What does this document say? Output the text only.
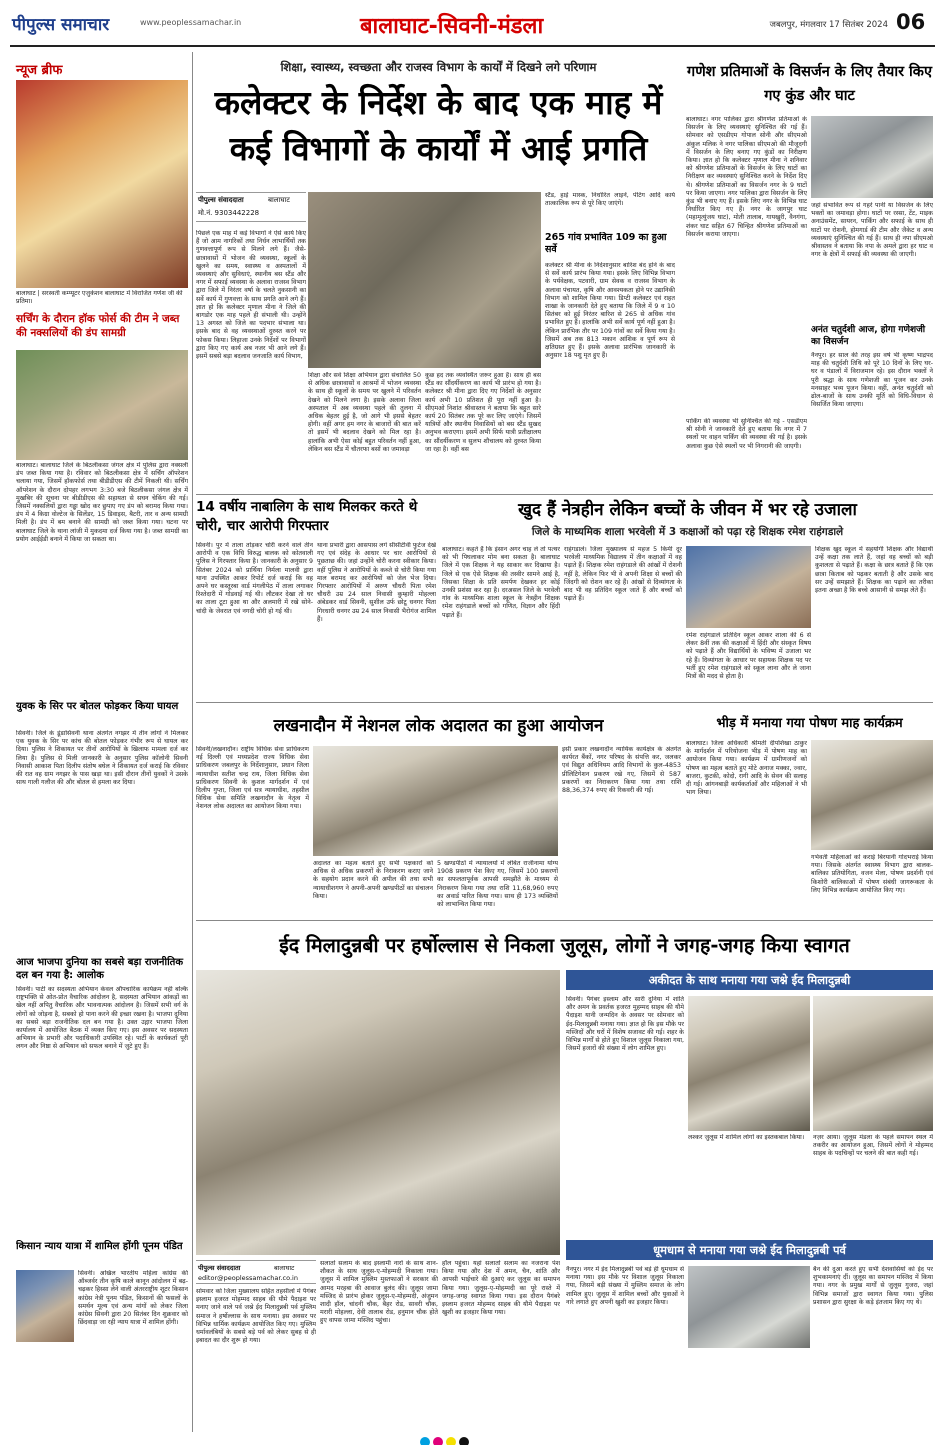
पीपुल्स समाचार	www.peoplessamachar.in	बालाघाट-सिवनी-मंडला	जबलपुर, मंगलवार 17 सितंबर 2024 06
न्यूज ब्रीफ
बालाघाट | सरस्वती कम्प्यूटर एजुकेशन बालाघाट में विराजित गणेश जी की प्रतिमा।
सर्चिंग के दौरान हॉक फोर्स की टीम ने जब्त की नक्सलियों की डंप सामग्री
बालाघाट। बालाघाट जिले के बिठलीकसा जंगल क्षेत्र में पुलिस द्वारा नक्सली डंप जब्त किया गया है। रविवार को बिठलीकसा क्षेत्र में सर्चिंग ऑपरेशन चलाया गया, जिसमें हॉकफोर्स तथा बीडीडीएस की टीमें निकली थी। सर्चिंग ऑपरेशन के दौरान दोपहर लगभग 3:30 बजे बिठलीकसा जंगल क्षेत्र में मुखबिर की सूचना पर बीडीडीएस की सहायता से सघन चेकिंग की गई। जिसमें नक्सलियों द्वारा गड्ढा खोद कर छुपाए गए डंप को बरामद किया गया। डंप में 4 किग्रा वोल्टेज के सिलेंडर, 15 डिवाइस, बैटरी, तार व अन्य सामग्री मिली है। डंप में बम बनाने की सामग्री को जब्त किया गया। घटना पर बालाघाट जिले के थाना लांजी में मुकदमा दर्ज किया गया है। जब्त सामग्री का प्रयोग आईईडी बनाने में किया जा सकता था।
युवक के सिर पर बोतल फोड़कर किया घायल
सिवनी। जिले के डूंडासिवनी थाना अंतर्गत नगझर में तीन लोगों ने मिलकर एक युवक के सिर पर कांच की बोतल फोड़कर गंभीर रूप से घायल कर दिया। पुलिस ने शिकायत पर तीनों आरोपियों के खिलाफ मामला दर्ज कर लिया है। पुलिस से मिली जानकारी के अनुसार पुलिस कॉलोनी सिवनी निवासी आकाश पिता दिलीप संतोष बघेल ने शिकायत दर्ज कराई कि रविवार की रात वह ग्राम नगझर के पास खड़ा था। इसी दौरान तीनों युवकों ने उसके साथ गाली गलौज की और बोतल से हमला कर दिया।
आज भाजपा दुनिया का सबसे बड़ा राजनीतिक दल बन गया है: आलोक
सिवनी। पार्टी का सदस्यता अभियान केवल औपचारिक कार्यक्रम नहीं बल्कि राष्ट्रभक्ति से ओत-प्रोत वैचारिक आंदोलन है, सदस्यता अभियान आंकड़ों का खेल नहीं अपितु वैचारिक और भावनात्मक आंदोलन है। जिसमें सभी वर्ग के लोगों को जोड़ना है, सबको हो पाना करने की इच्छा रखना है। भाजपा दुनिया का सबसे बड़ा राजनीतिक दल बन गया है। उक्त उद्गार भाजपा जिला कार्यालय में आयोजित बैठक में व्यक्त किए गए। इस अवसर पर सदस्यता अभियान के प्रभारी और पदाधिकारी उपस्थित रहे। पार्टी के कार्यकर्ता पूरी लगन और निष्ठा से अभियान को सफल बनाने में जुटे हुए हैं।
किसान न्याय यात्रा में शामिल होंगी पूनम पंडित
सिवनी। अखिल भारतीय महिला कांग्रेस की ऑब्जर्वर तीन कृषि काले कानून आंदोलन में बढ़-चढ़कर हिस्सा लेने वाली अंतरराष्ट्रीय शूटर किसान कांग्रेस नेत्री पूनम पंडित, किसानों की फसलों के समर्थन मूल्य एवं अन्य मांगों को लेकर जिला कांग्रेस सिवनी द्वारा 20 सितंबर दिन शुक्रवार को छिंदवाड़ा जा रही न्याय यात्रा में शामिल होंगी।
शिक्षा, स्वास्थ्य, स्वच्छता और राजस्व विभाग के कार्यों में दिखने लगे परिणाम
कलेक्टर के निर्देश के बाद एक माह में
कई विभागों के कार्यों में आई प्रगति
पीपुल्स संवाददाता	बालाघाट
मो.नं. 9303442228
पिछले एक माह में कई विभागों ने ऐसे कार्य किए हैं जो आम नागरिकों तथा निर्धन लाभार्थियों तक गुणवत्तापूर्ण रूप से मिलने लगे हैं। जैसे- छात्रावासों में भोजन की व्यवस्था, स्कूलों के खुलने का समय, स्वास्थ्य व अस्पतालों में व्यवस्थाएं और सुविधाएं, स्थानीय बस स्टैंड और नगर में सफाई व्यवस्था के अलावा राजस्व विभाग द्वारा जिले में निरंतर वर्षा के चलते नुकसानी का सर्वे कार्य में गुणवत्ता के साथ प्रगति आने लगे हैं। ज्ञात हो कि कलेक्टर मृणाल मीना ने जिले की बागडोर एक माह पहले ही संभाली थी। उन्होंने 13 अगस्त को जिले का पदभार संभाला था। इसके बाद से वह व्यवस्थाओं दुरुस्त करने पर फोकस किया। लिहाजा उनके निर्देशों पर विभागों द्वारा किए गए कार्य अब नजर भी आने लगे हैं। इसमें सबसे बड़ा बदलाव जनजाति कार्य विभाग,
शिक्षा और सर्व शिक्षा अभियान द्वारा संचालित 50 से अधिक छात्रावासों व आश्रमों में भोजन व्यवस्था के साथ ही स्कूलों के समय पर खुलने में परिवर्तन देखने को मिलने लगा है। इसके अलावा जिला अस्पताल में अब व्यवस्था पहले की तुलना में अधिक बेहतर हुई है, जो आगे भी इससे बेहतर होगी। वहीं अगर हम नगर के बाजारों की बात करें तो इसमें भी बदलाव देखने को मिल रहा है। हालांकि अभी ऐसा कोई बहुत परिवर्तन नहीं हुआ, लेकिन बस स्टैंड में चौतरफा बसों का जमावड़ा
कुछ हद तक व्यवस्थित जरूर हुआ है। साथ ही बस स्टैंड का सौंदर्यीकरण का कार्य भी प्रारंभ हो गया है। कलेक्टर श्री मीना द्वारा दिए गए निर्देशों के अनुसार कार्य अभी 10 प्रतिशत ही पूरा नहीं हुआ है। सीएमओ निशांत श्रीवास्तव ने बताया कि बहुत सारे कार्य 20 सितंबर तक पूरे कर लिए जाएंगे। जिसमें यात्रियों और स्थानीय निवासियों को बस स्टैंड सुखद अनुभव कराएगा। इसमें अभी सिर्फ यात्री प्रतीक्षालय का सौंदर्यीकरण व सुलभ शौचालय को दुरुस्त किया जा रहा है। वहीं बस
स्टैंड, हाई मास्क, निर्धारित लाइनें, पेंटिंग आदि कार्य तात्कालिक रूप से पूरे किए जाएंगे।
265 गांव प्रभावित 109 का हुआ सर्वे
कलेक्टर श्री मीना के निर्देशानुसार बारिश बंद होने के बाद से सर्वे कार्य प्रारंभ किया गया। इसके लिए विभिन्न विभाग के पर्यवेक्षक, पटवारी, ग्राम सेवक व राजस्व विभाग के अलावा पंचायत, कृषि और आवश्यकता होने पर उद्यानिकी विभाग को शामिल किया गया। डिप्टी कलेक्टर एवं राहत शाखा के जानकारी देते हुए बताया कि जिले में 9 व 10 सितंबर को हुई निरंतर बारिश से 265 से अधिक गांव प्रभावित हुए हैं। हालांकि अभी सर्वे कार्य पूर्ण नहीं हुआ है। लेकिन प्रारंभिक तौर पर 109 गांवों का सर्वे किया गया है। जिसमें अब तक 813 मकान आंशिक व पूर्ण रूप से क्षतिग्रस्त हुए हैं। इसके अलावा प्रारंभिक जानकारी के अनुसार 18 पशु मृत हुए हैं।
गणेश प्रतिमाओं के विसर्जन के लिए तैयार किए गए कुंड और घाट
बालाघाट। नगर पालिका द्वारा श्रीगणेश प्रतिमाओं के विसर्जन के लिए व्यवस्थाएं सुनिश्चित की गई हैं। सोमवार को एसडीएम गोपाल सोनी और सीएमओ अंकुल मलिक ने नगर पालिका सीएमओ की मौजूदगी में विसर्जन के लिए बनाए गए कुंडों का निरीक्षण किया। ज्ञात हो कि कलेक्टर मृणाल मीना ने शनिवार को श्रीगणेश प्रतिमाओं के विसर्जन के लिए घाटों का निरीक्षण कर व्यवस्थाएं सुनिश्चित करने के निर्देश दिए थे। श्रीगणेश प्रतिमाओं का विसर्जन नगर के 9 घाटों पर किया जाएगा। नगर पालिका द्वारा विसर्जन के लिए कुंड भी बनाए गए हैं। इसके लिए नगर के विभिन्न घाट निर्धारित किए गए हैं। नगर के जागपुर घाट (महामृत्युंजय घाट), मोती तालाब, गायखुरी, वैनगंगा, शंकर घाट सहित 67 चिन्हित श्रीगणेश प्रतिमाओं का विसर्जन कराया जाएगा।
पार्किंग की व्यवस्था भी सुनिश्चित की गई - एसडीएम श्री सोनी ने जानकारी देते हुए बताया कि नगर में 7 स्थलों पर वाहन पार्किंग की व्यवस्था की गई है। इसके अलावा कुछ ऐसे स्थलों पर भी निगरानी की जाएगी।
जहां संभावित रूप से गहरे पानी या विसर्जन के लिए भक्तों का जमावड़ा होगा। घाटों पर रस्सा, टेंट, माइक अनाउंसमेंट, सायरन, पार्किंग और सफाई के साथ ही घाटों पर रोशनी, होमगार्ड की टीम और जैकेट व अन्य व्यवस्थाएं सुनिश्चित की गई हैं। साथ ही नपा सीएमओ श्रीवास्तव ने बताया कि नपा के अमले द्वारा हर घाट व नगर के क्षेत्रों में सफाई की व्यवस्था की जाएगी।
अनंत चतुर्दशी आज, होगा गणेशजी का विसर्जन
नैनपुर। हर साल की तरह इस वर्ष भी कृष्ण भाद्रपद माह की चतुर्दशी तिथि को पूरे 10 दिनों के लिए घर-घर व पंडालों में विराजमान रहे। इस दौरान भक्तों ने पूरी श्रद्धा के साथ गणेशजी का पूजन कर उनके मनसाहर भव्य पूजन किया। वहीं, अनंत चतुर्दशी को ढोल-बाजों के साथ उनकी मूर्ति को विधि-विधान से विसर्जित किया जाएगा।
14 वर्षीय नाबालिग के साथ मिलकर करते थे चोरी, चार आरोपी गिरफ्तार
सिवनी। पुर में ताला तोड़कर चोरी करने वाले तीन आरोपी व एक विधि विरुद्ध बालक को कोतवाली पुलिस ने गिरफ्तार किया है। जानकारी के अनुसार 9 सितंबर 2024 को प्रार्थिया निर्मला मालवी द्वारा थाना उपस्थित आकर रिपोर्ट दर्ज कराई कि वह अपने घर कस्तूरबा वार्ड मंगलीपेठ में ताला लगाकर रिश्तेदारी में गोडवाई गई थी। लौटकर देखा तो घर का ताला टूटा हुआ था और अलमारी में रखे सोने-चांदी के जेवरात एवं नगदी चोरी हो गई थी।
थाना प्रभारी द्वारा आसपास लगे सीसीटीवी फुटेज देखे गए एवं संदेह के आधार पर चार आरोपियों से पूछताछ की। जहां उन्होंने चोरी करना स्वीकार किया। वहीं पुलिस ने आरोपियों के कब्जे से चोरी किया गया माल बरामद कर आरोपियों को जेल भेज दिया। गिरफ्तार आरोपियों में अरुण चौधरी पिता रमेश चौधरी उम्र 24 साल निवासी कुम्हारी मोहल्ला अंबेडकर वार्ड सिवनी, सुशील उर्फ छोटू धनगर पिता गिरधारी धनगर उम्र 24 साल निवासी भैरोगंज शामिल हैं।
खुद हैं नेत्रहीन लेकिन बच्चों के जीवन में भर रहे उजाला
जिले के माध्यमिक शाला भरवेली में 3 कक्षाओं को पढ़ा रहे शिक्षक रमेश राहंगडाले
बालाघाट। कहते हैं कि इंसान अगर चाह ले तो पत्थर को भी पिघलाकर मोम बना सकता है। बालाघाट जिले में एक शिक्षक ने यह साकार कर दिखाया है। जिले से एक ऐसे शिक्षक की तस्वीर सामने आई है, जिसका शिक्षा के प्रति समर्पण देखकर हर कोई उनकी प्रशंसा कर रहा है। दरअसल जिले के भरवेली गांव के माध्यमिक शाला स्कूल के नेत्रहीन शिक्षक रमेश राहंगडाले बच्चों को गणित, विज्ञान और हिंदी पढ़ाते हैं।
राहंगडाले। जिला मुख्यालय से महज 5 किमी दूर भरवेली माध्यमिक विद्यालय में तीन कक्षाओं में वह पढ़ाते हैं। शिक्षक रमेश राहंगडाले की आंखों में रोशनी नहीं है, लेकिन फिर भी वे अपनी शिक्षा से बच्चों की जिंदगी को रोशन कर रहे हैं। आंखों से दिव्यांगता के बाद भी वह प्रतिदिन स्कूल जाते हैं और बच्चों को पढ़ाते हैं।
रमेश राहंगडाले प्रतिदिन स्कूल आकर शाला की 6 से लेकर 8वीं तक की कक्षाओं में हिंदी और संस्कृत विषय को पढ़ाते हैं और विद्यार्थियों के भविष्य में उजाला भर रहे हैं। दिव्यांगता के आधार पर सहायक शिक्षक पद पर भर्ती हुए रमेश राहंगडाले को स्कूल लाना और ले जाना मित्रों की मदद से होता है।
शिक्षक खुद स्कूल में सहयोगी शिक्षक और विद्यार्थी उन्हें कक्षा तक लाते हैं, जहां वह बच्चों को बड़ी कुशलता से पढ़ाते हैं। कक्षा के छात्र बताते हैं कि एक छात्रा किताब को पढ़कर बताती है और उसके बाद सर उन्हें समझाते हैं। शिक्षक का पढ़ाने का तरीका इतना अच्छा है कि बच्चे आसानी से समझ लेते हैं।
लखनादौन में नेशनल लोक अदालत का हुआ आयोजन
सिवनी/लखनादौन। राष्ट्रीय विधिक सेवा प्राधिकरण नई दिल्ली एवं मध्यप्रदेश राज्य विधिक सेवा प्राधिकरण जबलपुर के निर्देशानुसार, प्रधान जिला न्यायाधीश सतीश चन्द्र राय, जिला विधिक सेवा प्राधिकरण सिवनी के कुशल मार्गदर्शन में एवं दिलीप गुप्ता, जिला एवं सत्र न्यायाधीश, तहसील विधिक सेवा समिति लखनादौन के नेतृत्व में नेशनल लोक अदालत का आयोजन किया गया।
अदालत का महत्व बताते हुए सभी पक्षकारों को अधिक से अधिक प्रकरणों के निराकरण कराए जाने के सहयोग प्रदान करने की अपील की तथा सभी न्यायाधीशगण ने अपनी-अपनी खण्डपीठों का संचालन किया।
5 खण्डपीठों में न्यायालयों में लंबित राजीनामा योग्य 1908 प्रकरण पेश किए गए, जिसमें 100 प्रकरणों का सफलतापूर्वक आपसी समझौते के माध्यम से निराकरण किया गया तथा राशि 11,68,960 रुपए का अवार्ड पारित किया गया। साथ ही 173 व्यक्तियों को लाभान्वित किया गया।
इसी प्रकार लखनादौन न्यायिक कार्यक्षेत्र के अंतर्गत कार्यरत बैंकों, नगर परिषद के संपत्ति कर, जलकर एवं विद्युत अधिनियम आदि विभागों के कुल-4853 प्रीलिटिगेशन प्रकरण रखे गए, जिसमें से 587 प्रकरणों का निराकरण किया गया तथा राशि 88,36,374 रुपए की रिकवरी की गई।
भीड़ में मनाया गया पोषण माह कार्यक्रम
बालाघाट। जिला अधिकारी श्रीमती दीपशिखा ठाकुर के मार्गदर्शन में परियोजना भीड़ में पोषण माह का आयोजन किया गया। कार्यक्रम में ग्रामीणजनों को पोषण का महत्व बताते हुए मोटे अनाज मक्का, ज्वार, बाजरा, कुटकी, कोदो, रागी आदि के सेवन की सलाह दी गई। आंगनबाड़ी कार्यकर्ताओं और महिलाओं ने भी भाग लिया।
गर्भवती महिलाओं को कराई बिरयानी गोदभराई किया गया। जिसके अंतर्गत स्वास्थ्य विभाग द्वारा बालक-बालिका प्रतियोगिता, वजन मेला, पोषण प्रदर्शनी एवं किशोरी बालिकाओं में पोषण संबंधी जागरूकता के लिए विभिन्न कार्यक्रम आयोजित किए गए।
ईद मिलादुन्नबी पर हर्षोल्लास से निकला जुलूस, लोगों ने जगह-जगह किया स्वागत
पीपुल्स संवाददाता	बालाघाट
editor@peoplessamachar.co.in
सोमवार को जिला मुख्यालय सहित तहसीलों में पैगंबर इस्लाम हजरत मोहम्मद साहब की यौमे पैदाइश पर मनाए जाने वाले पर्व जश्ने ईद मिलादुन्नबी पर्व मुस्लिम समाज ने हर्षोल्लास के साथ मनाया। इस अवसर पर विभिन्न धार्मिक कार्यक्रम आयोजित किए गए। मुस्लिम धर्मावलंबियों के सबसे बड़े पर्व को लेकर सुबह से ही इबादत का दौर शुरू हो गया।
सलातो सलाम के बाद इस्लामी नारों के साथ शान-शौकत के साथ जुलूस-ए-मोहम्मदी निकाला गया। जुलूस में शामिल मुस्लिम मुस्तफाओं ने सरकार की आमद मरहबा की आवाज बुलंद की। जुलूस जामा मस्जिद से प्रारंभ होकर जुलूस-ए-मोहम्मदी, अंजुमन शादी हॉल, चांदनी चौक, बैहर रोड, सावरी चौक, मरारी मोहल्ला, देवी तालाब रोड, हनुमान चौक होते हुए वापस जामा मस्जिद पहुंचा।
हॉल पहुंचा। यहां सलातो सलाम का नजराना पेश किया गया और देश में अमन, चैन, शांति और आपसी भाईचारे की दुआएं कर जुलूस का समापन किया गया। जुलूस-ए-मोहम्मदी का पूरे रास्ते में जगह-जगह स्वागत किया गया। इस दौरान पैगंबरे इस्लाम हजरत मोहम्मद साहब की यौमे पैदाइश पर खुशी का इजहार किया गया।
अकीदत के साथ मनाया गया जश्ने ईद मिलादुन्नबी
सिवनी। पैगंबर इस्लाम और सारी दुनिया में शांति और अमन के प्रवर्तक हजरत मुहम्मद साहब की यौमे पैदाइश यानी जन्मदिन के अवसर पर सोमवार को ईद-मिलादुन्नबी मनाया गया। ज्ञात हो कि इस मौके पर मस्जिदों और घरों में विशेष सजावट की गई। शहर के विभिन्न मार्गों से होते हुए विशाल जुलूस निकाला गया, जिसमें हजारों की संख्या में लोग शामिल हुए।
लश्कर जुलूस में शामिल लोगों का इस्तकबाल किया।	नज़र आया। जुलूस मंडला के पहले समापन स्थल में तकरीर का आयोजन हुआ, जिसमें लोगों ने मोहम्मद साहब के पदचिन्हों पर चलने की बात कही गई।
धूमधाम से मनाया गया जश्ने ईद मिलादुन्नबी पर्व
नैनपुर। नगर में ईद मिलादुन्नबी पर्व बड़े ही धूमधाम से मनाया गया। इस मौके पर विशाल जुलूस निकाला गया, जिसमें बड़ी संख्या में मुस्लिम समाज के लोग शामिल हुए। जुलूस में शामिल बच्चों और युवाओं ने नारे लगाते हुए अपनी खुशी का इजहार किया।
बैन की दुआ करते हुए सभी देशवासियों को ईद पर शुभकामनाएं दीं। जुलूस का समापन मस्जिद में किया गया। नगर के प्रमुख मार्गों से जुलूस गुजरा, जहां विभिन्न समाजों द्वारा स्वागत किया गया। पुलिस प्रशासन द्वारा सुरक्षा के कड़े इंतजाम किए गए थे।
